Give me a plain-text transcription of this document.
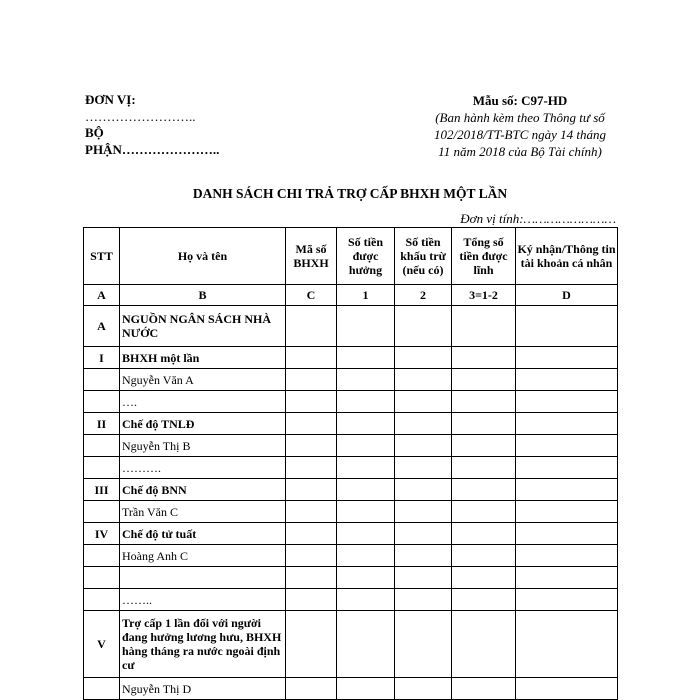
ĐƠN VỊ:
……………………..
BỘ
PHẬN…………………..
Mẫu số: C97-HD
(Ban hành kèm theo Thông tư số
102/2018/TT-BTC ngày 14 tháng
11 năm 2018 của Bộ Tài chính)
DANH SÁCH CHI TRẢ TRỢ CẤP BHXH MỘT LẦN
Đơn vị tính:……………………
STT	Họ và tên	Mã số BHXH	Số tiền được hưởng	Số tiền khấu trừ (nếu có)	Tổng số tiền được lĩnh	Ký nhận/Thông tin tài khoản cá nhân
A	B	C	1	2	3=1-2	D
A	NGUỒN NGÂN SÁCH NHÀ NƯỚC					
I	BHXH một lần					
	Nguyễn Văn A					
	….					
II	Chế độ TNLĐ					
	Nguyễn Thị B					
	……….					
III	Chế độ BNN					
	Trần Văn C					
IV	Chế độ tử tuất					
	Hoàng Anh C					

	……..					
V	Trợ cấp 1 lần đối với người đang hưởng lương hưu, BHXH hàng tháng ra nước ngoài định cư					
	Nguyễn Thị D					
